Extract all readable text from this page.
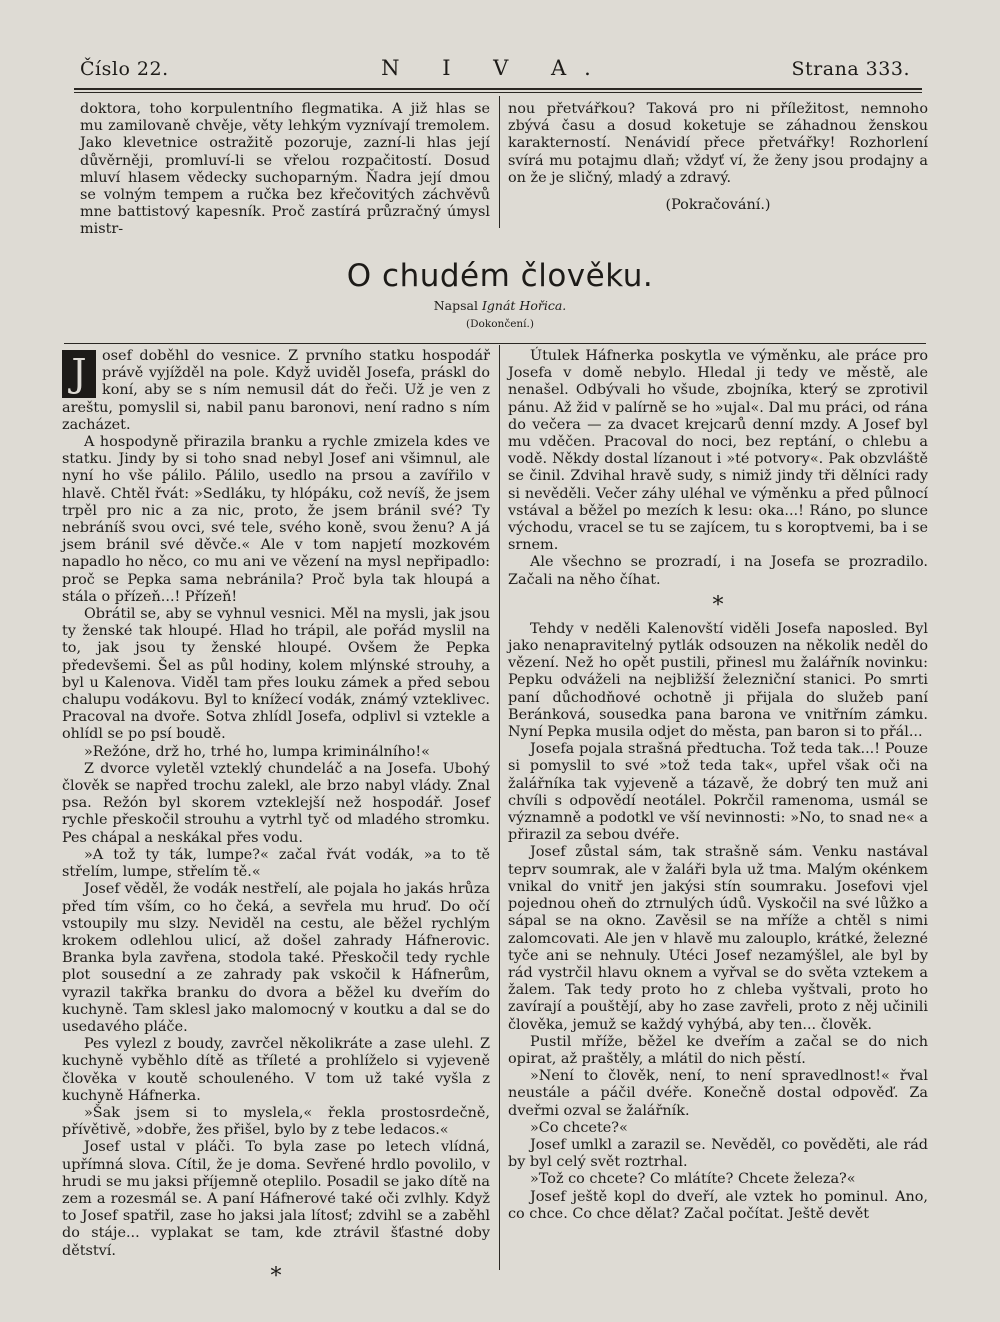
Číslo 22.	N I V A.	Strana 333.

doktora, toho korpulentního flegmatika. A již hlas se mu zamilovaně chvěje, věty lehkým vyznívají tremolem. Jako klevetnice ostražitě pozoruje, zazní-li hlas její důvěrněji, promluví-li se vřelou rozpačitostí. Dosud mluví hlasem vědecky suchoparným. Ňadra její dmou se volným tempem a ručka bez křečovitých záchvěvů mne battistový kapesník. Proč zastírá průzračný úmysl mistr-

nou přetvářkou? Taková pro ni příležitost, nemnoho zbývá času a dosud koketuje se záhadnou ženskou karakterností. Nenávidí přece přetvářky! Rozhorlení svírá mu potajmu dlaň; vždyť ví, že ženy jsou prodajny a on že je sličný, mladý a zdravý.

(Pokračování.)

O chudém člověku.
Napsal Ignát Hořica.
(Dokončení.)

J	osef doběhl do vesnice. Z prvního statku hospodář právě vyjížděl na pole. Když uviděl Josefa, práskl do koní, aby se s ním nemusil dát do řeči. Už je ven z areštu, pomyslil si, nabil panu baronovi, není radno s ním zacházet.

A hospodyně přirazila branku a rychle zmizela kdes ve statku. Jindy by si toho snad nebyl Josef ani všimnul, ale nyní ho vše pálilo. Pálilo, usedlo na prsou a zavířilo v hlavě. Chtěl řvát: »Sedláku, ty hlópáku, což nevíš, že jsem trpěl pro nic a za nic, proto, že jsem bránil své? Ty nebráníš svou ovci, své tele, svého koně, svou ženu? A já jsem bránil své děvče.« Ale v tom napjetí mozkovém napadlo ho něco, co mu ani ve vězení na mysl nepřipadlo: proč se Pepka sama nebránila? Proč byla tak hloupá a stála o přízeň...! Přízeň!

Obrátil se, aby se vyhnul vesnici. Měl na mysli, jak jsou ty ženské tak hloupé. Hlad ho trápil, ale pořád myslil na to, jak jsou ty ženské hloupé. Ovšem že Pepka předevšemi. Šel as půl hodiny, kolem mlýnské strouhy, a byl u Kalenova. Viděl tam přes louku zámek a před sebou chalupu vodákovu. Byl to knížecí vodák, známý vzteklivec. Pracoval na dvoře. Sotva zhlídl Josefa, odplivl si vztekle a ohlídl se po psí boudě.

»Režóne, drž ho, trhé ho, lumpa kriminálního!«

Z dvorce vyletěl vzteklý chundeláč a na Josefa. Ubohý člověk se napřed trochu zalekl, ale brzo nabyl vlády. Znal psa. Režón byl skorem vzteklejší než hospodář. Josef rychle přeskočil strouhu a vytrhl tyč od mladého stromku. Pes chápal a neskákal přes vodu.

»A tož ty ták, lumpe?« začal řvát vodák, »a to tě střelím, lumpe, střelím tě.«

Josef věděl, že vodák nestřelí, ale pojala ho jakás hrůza před tím vším, co ho čeká, a sevřela mu hruď. Do očí vstoupily mu slzy. Neviděl na cestu, ale běžel rychlým krokem odlehlou ulicí, až došel zahrady Háfnerovic. Branka byla zavřena, stodola také. Přeskočil tedy rychle plot sousední a ze zahrady pak vskočil k Háfnerům, vyrazil takřka branku do dvora a běžel ku dveřím do kuchyně. Tam sklesl jako malomocný v koutku a dal se do usedavého pláče.

Pes vylezl z boudy, zavrčel několikráte a zase ulehl. Z kuchyně vyběhlo dítě as tříleté a prohlíželo si vyjeveně člověka v koutě schouleného. V tom už také vyšla z kuchyně Háfnerka.

»Šak jsem si to myslela,« řekla prostosrdečně, přívětivě, »dobře, žes přišel, bylo by z tebe ledacos.«

Josef ustal v pláči. To byla zase po letech vlídná, upřímná slova. Cítil, že je doma. Sevřené hrdlo povolilo, v hrudi se mu jaksi příjemně oteplilo. Posadil se jako dítě na zem a rozesmál se. A paní Háfnerové také oči zvlhly. Když to Josef spatřil, zase ho jaksi jala lítosť; zdvihl se a zaběhl do stáje... vyplakat se tam, kde ztrávil šťastné doby dětství.

*

Útulek Háfnerka poskytla ve výměnku, ale práce pro Josefa v domě nebylo. Hledal ji tedy ve městě, ale nenašel. Odbývali ho všude, zbojníka, který se zprotivil pánu. Až žid v palírně se ho »ujal«. Dal mu práci, od rána do večera — za dvacet krejcarů denní mzdy. A Josef byl mu vděčen. Pracoval do noci, bez reptání, o chlebu a vodě. Někdy dostal lízanout i »té potvory«. Pak obzvláště se činil. Zdvihal hravě sudy, s nimiž jindy tři dělníci rady si nevěděli. Večer záhy uléhal ve výměnku a před půlnocí vstával a běžel po mezích k lesu: oka...! Ráno, po slunce východu, vracel se tu se zajícem, tu s koroptvemi, ba i se srnem.

Ale všechno se prozradí, i na Josefa se prozradilo. Začali na něho číhat.

*

Tehdy v neděli Kalenovští viděli Josefa naposled. Byl jako nenapravitelný pytlák odsouzen na několik neděl do vězení. Než ho opět pustili, přinesl mu žalářník novinku: Pepku odváželi na nejbližší železniční stanici. Po smrti paní důchodňové ochotně ji přijala do služeb paní Beránková, sousedka pana barona ve vnitřním zámku. Nyní Pepka musila odjet do města, pan baron si to přál...

Josefa pojala strašná předtucha. Tož teda tak...! Pouze si pomyslil to své »tož teda tak«, upřel však oči na žalářníka tak vyjeveně a tázavě, že dobrý ten muž ani chvíli s odpovědí neotálel. Pokrčil ramenoma, usmál se významně a podotkl ve vší nevinnosti: »No, to snad ne« a přirazil za sebou dvéře.

Josef zůstal sám, tak strašně sám. Venku nastával teprv soumrak, ale v žaláři byla už tma. Malým okénkem vnikal do vnitř jen jakýsi stín soumraku. Josefovi vjel pojednou oheň do ztrnulých údů. Vyskočil na své lůžko a sápal se na okno. Zavěsil se na mříže a chtěl s nimi zalomcovati. Ale jen v hlavě mu zalouplo, krátké, železné tyče ani se nehnuly. Utéci Josef nezamýšlel, ale byl by rád vystrčil hlavu oknem a vyřval se do světa vztekem a žalem. Tak tedy proto ho z chleba vyštvali, proto ho zavírají a pouštějí, aby ho zase zavřeli, proto z něj učinili člověka, jemuž se každý vyhýbá, aby ten... člověk.

Pustil mříže, běžel ke dveřím a začal se do nich opirat, až praštěly, a mlátil do nich pěstí.

»Není to člověk, není, to není spravedlnost!« řval neustále a páčil dvéře. Konečně dostal odpověď. Za dveřmi ozval se žalářník.

»Co chcete?«

Josef umlkl a zarazil se. Nevěděl, co pověděti, ale rád by byl celý svět roztrhal.

»Tož co chcete? Co mlátíte? Chcete železa?«

Josef ještě kopl do dveří, ale vztek ho pominul. Ano, co chce. Co chce dělat? Začal počítat. Ještě devět
